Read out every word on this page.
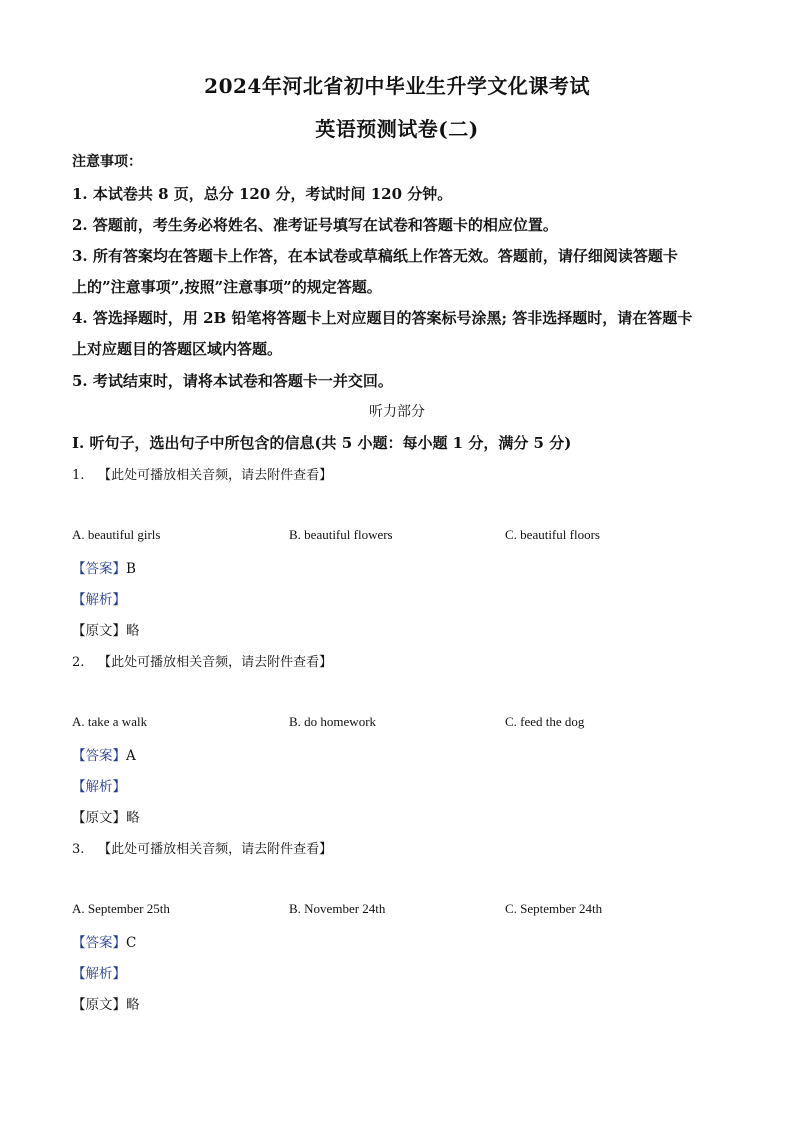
2024年河北省初中毕业生升学文化课考试
英语预测试卷(二)
注意事项：
1. 本试卷共 8 页，总分 120 分，考试时间 120 分钟。
2. 答题前，考生务必将姓名、准考证号填写在试卷和答题卡的相应位置。
3. 所有答案均在答题卡上作答，在本试卷或草稿纸上作答无效。答题前，请仔细阅读答题卡
上的”注意事项”,按照”注意事项”的规定答题。
4. 答选择题时，用 2B 铅笔将答题卡上对应题目的答案标号涂黑; 答非选择题时，请在答题卡
上对应题目的答题区域内答题。
5. 考试结束时，请将本试卷和答题卡一并交回。
听力部分
I. 听句子，选出句子中所包含的信息(共 5 小题：每小题 1 分，满分 5 分)
1. 【此处可播放相关音频，请去附件查看】
A. beautiful girls	B. beautiful flowers	C. beautiful floors
【答案】B
【解析】
【原文】略
2. 【此处可播放相关音频，请去附件查看】
A. take a walk	B. do homework	C. feed the dog
【答案】A
【解析】
【原文】略
3. 【此处可播放相关音频，请去附件查看】
A. September 25th	B. November 24th	C. September 24th
【答案】C
【解析】
【原文】略
